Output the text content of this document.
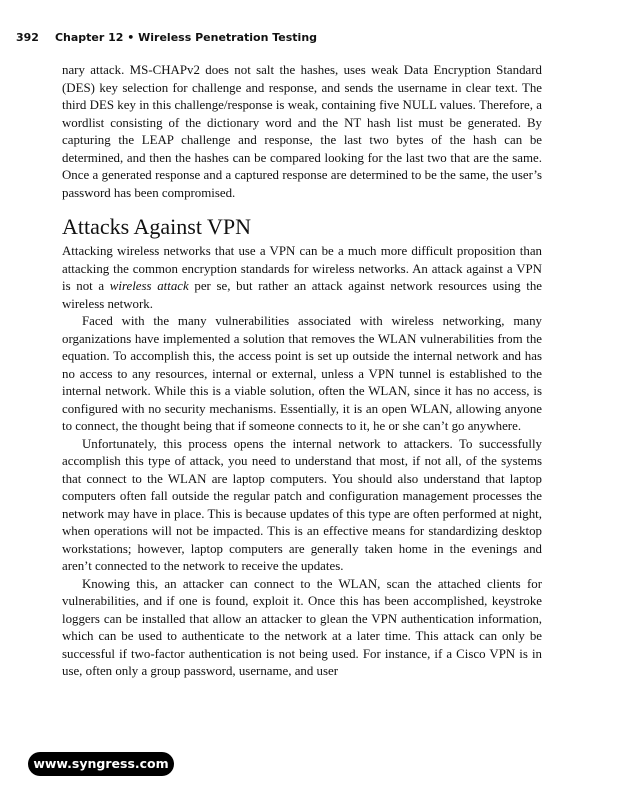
392 Chapter 12 • Wireless Penetration Testing

nary attack. MS-CHAPv2 does not salt the hashes, uses weak Data Encryption Standard (DES) key selection for challenge and response, and sends the username in clear text. The third DES key in this challenge/response is weak, containing five NULL values. Therefore, a wordlist consisting of the dictionary word and the NT hash list must be generated. By capturing the LEAP challenge and response, the last two bytes of the hash can be determined, and then the hashes can be compared looking for the last two that are the same. Once a generated response and a captured response are determined to be the same, the user’s password has been compromised.

Attacks Against VPN

Attacking wireless networks that use a VPN can be a much more difficult proposition than attacking the common encryption standards for wireless networks. An attack against a VPN is not a wireless attack per se, but rather an attack against network resources using the wireless network.

Faced with the many vulnerabilities associated with wireless networking, many organizations have implemented a solution that removes the WLAN vulnerabilities from the equation. To accomplish this, the access point is set up outside the internal network and has no access to any resources, internal or external, unless a VPN tunnel is established to the internal network. While this is a viable solution, often the WLAN, since it has no access, is configured with no security mechanisms. Essentially, it is an open WLAN, allowing anyone to connect, the thought being that if someone connects to it, he or she can’t go anywhere.

Unfortunately, this process opens the internal network to attackers. To successfully accomplish this type of attack, you need to understand that most, if not all, of the systems that connect to the WLAN are laptop computers. You should also understand that laptop computers often fall outside the regular patch and configuration management processes the network may have in place. This is because updates of this type are often performed at night, when operations will not be impacted. This is an effective means for standardizing desktop workstations; however, laptop computers are generally taken home in the evenings and aren’t connected to the network to receive the updates.

Knowing this, an attacker can connect to the WLAN, scan the attached clients for vulnerabilities, and if one is found, exploit it. Once this has been accomplished, keystroke loggers can be installed that allow an attacker to glean the VPN authentication information, which can be used to authenticate to the network at a later time. This attack can only be successful if two-factor authentication is not being used. For instance, if a Cisco VPN is in use, often only a group password, username, and user

www.syngress.com
